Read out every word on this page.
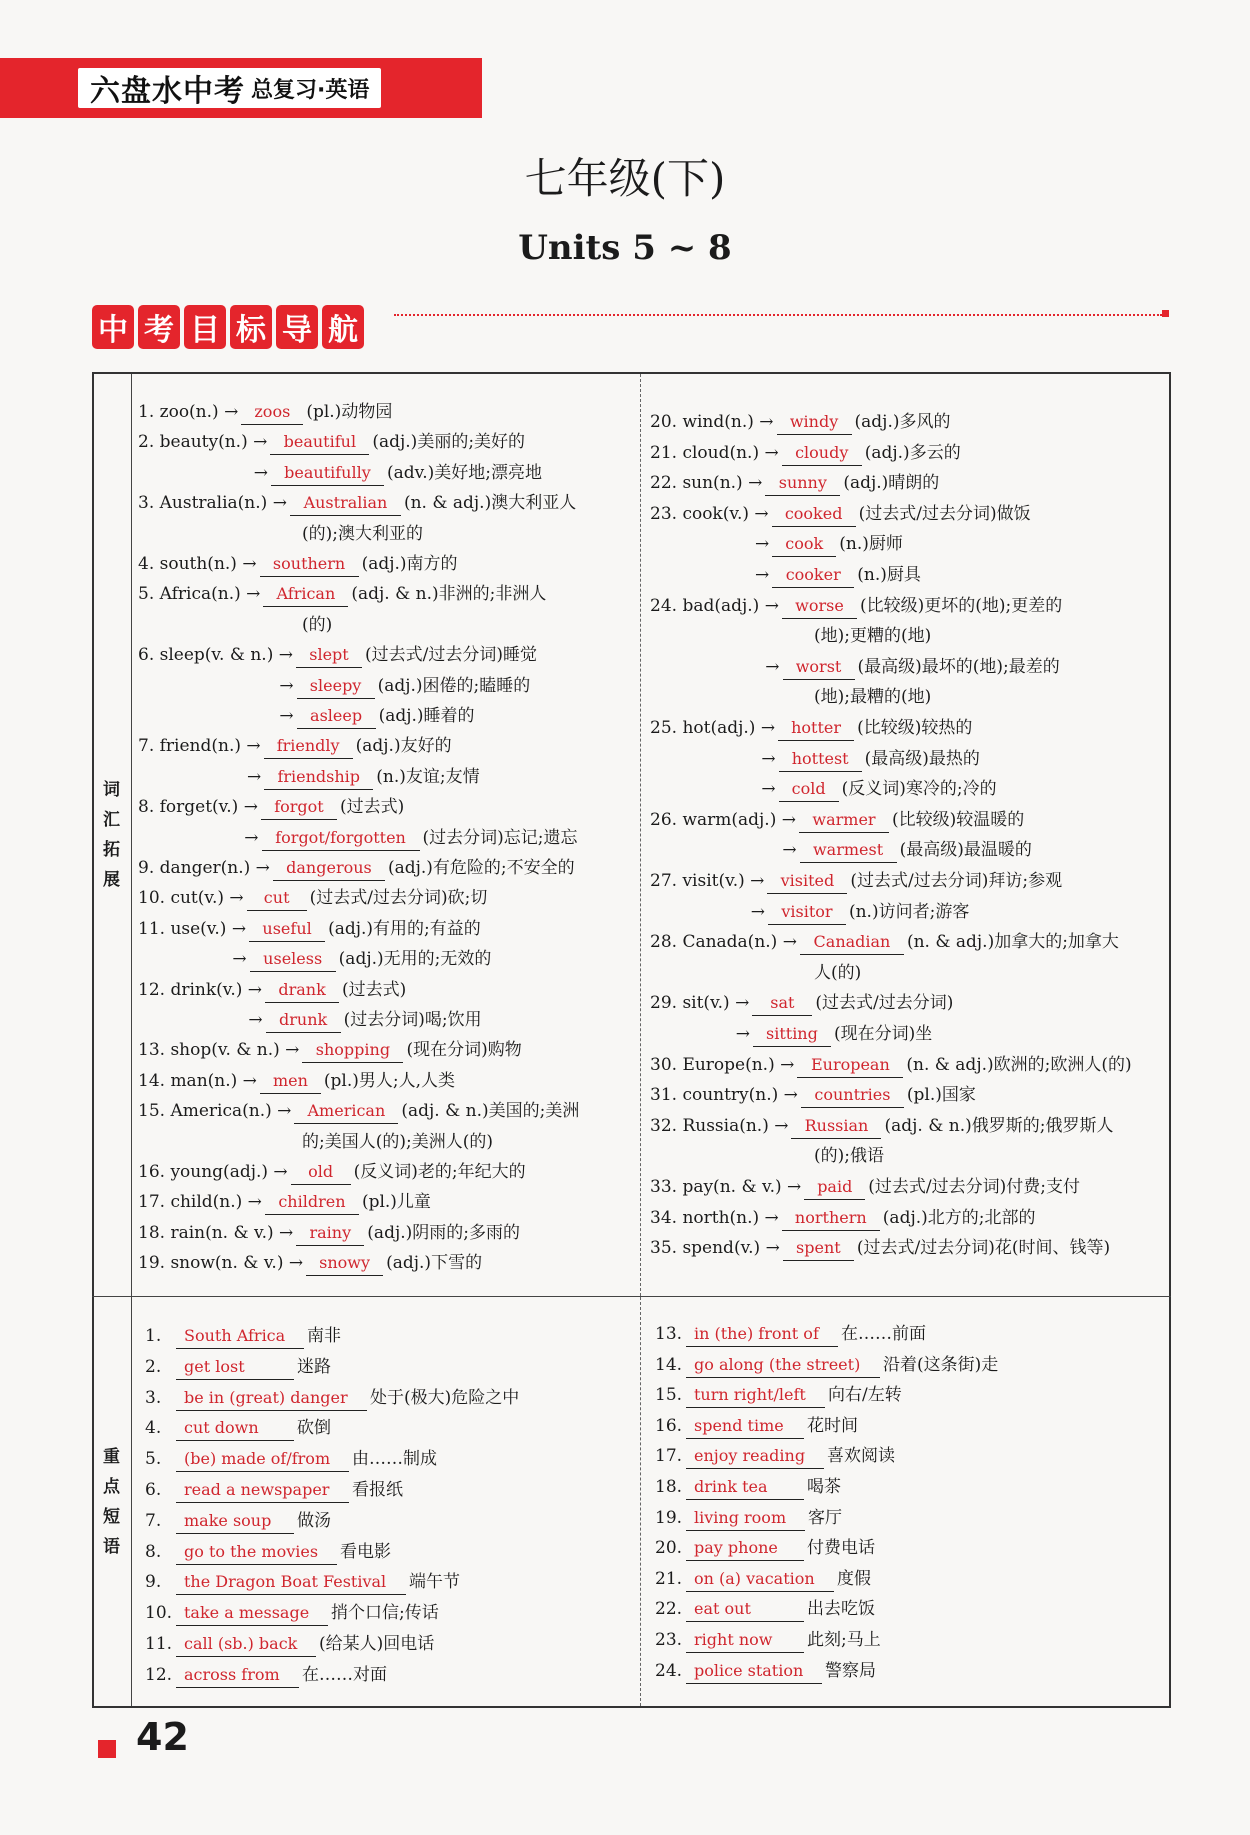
六盘水中考 总复习·英语
七年级(下)
Units 5 ~ 8
中 考 目 标 导 航
词
汇
拓
展
重
点
短
语
1. zoo(n.) → zoos (pl.)动物园
2. beauty(n.) → beautiful (adj.)美丽的;美好的
→ beautifully (adv.)美好地;漂亮地
3. Australia(n.) → Australian (n. & adj.)澳大利亚人
(的);澳大利亚的
4. south(n.) → southern (adj.)南方的
5. Africa(n.) → African (adj. & n.)非洲的;非洲人
(的)
6. sleep(v. & n.) → slept (过去式/过去分词)睡觉
→ sleepy (adj.)困倦的;瞌睡的
→ asleep (adj.)睡着的
7. friend(n.) → friendly (adj.)友好的
→ friendship (n.)友谊;友情
8. forget(v.) → forgot (过去式)
→ forgot/forgotten (过去分词)忘记;遗忘
9. danger(n.) → dangerous (adj.)有危险的;不安全的
10. cut(v.) → cut (过去式/过去分词)砍;切
11. use(v.) → useful (adj.)有用的;有益的
→ useless (adj.)无用的;无效的
12. drink(v.) → drank (过去式)
→ drunk (过去分词)喝;饮用
13. shop(v. & n.) → shopping (现在分词)购物
14. man(n.) → men (pl.)男人;人,人类
15. America(n.) → American (adj. & n.)美国的;美洲
的;美国人(的);美洲人(的)
16. young(adj.) → old (反义词)老的;年纪大的
17. child(n.) → children (pl.)儿童
18. rain(n. & v.) → rainy (adj.)阴雨的;多雨的
19. snow(n. & v.) → snowy (adj.)下雪的
20. wind(n.) → windy (adj.)多风的
21. cloud(n.) → cloudy (adj.)多云的
22. sun(n.) → sunny (adj.)晴朗的
23. cook(v.) → cooked (过去式/过去分词)做饭
→ cook (n.)厨师
→ cooker (n.)厨具
24. bad(adj.) → worse (比较级)更坏的(地);更差的
(地);更糟的(地)
→ worst (最高级)最坏的(地);最差的
(地);最糟的(地)
25. hot(adj.) → hotter (比较级)较热的
→ hottest (最高级)最热的
→ cold (反义词)寒冷的;冷的
26. warm(adj.) → warmer (比较级)较温暖的
→ warmest (最高级)最温暖的
27. visit(v.) → visited (过去式/过去分词)拜访;参观
→ visitor (n.)访问者;游客
28. Canada(n.) → Canadian (n. & adj.)加拿大的;加拿大
人(的)
29. sit(v.) → sat (过去式/过去分词)
→ sitting (现在分词)坐
30. Europe(n.) → European (n. & adj.)欧洲的;欧洲人(的)
31. country(n.) → countries (pl.)国家
32. Russia(n.) → Russian (adj. & n.)俄罗斯的;俄罗斯人
(的);俄语
33. pay(n. & v.) → paid (过去式/过去分词)付费;支付
34. north(n.) → northern (adj.)北方的;北部的
35. spend(v.) → spent (过去式/过去分词)花(时间、钱等)
1. South Africa 南非
2. get lost	迷路
3. be in (great) danger 处于(极大)危险之中
4. cut down 砍倒
5. (be) made of/from 由……制成
6. read a newspaper 看报纸
7. make soup 做汤
8. go to the movies 看电影
9. the Dragon Boat Festival 端午节
10. take a message 捎个口信;传话
11. call (sb.) back (给某人)回电话
12. across from 在……对面
13. in (the) front of 在……前面
14. go along (the street) 沿着(这条街)走
15. turn right/left 向右/左转
16. spend time 花时间
17. enjoy reading 喜欢阅读
18. drink tea 喝茶
19. living room 客厅
20. pay phone 付费电话
21. on (a) vacation 度假
22. eat out	出去吃饭
23. right now 此刻;马上
24. police station 警察局
42
